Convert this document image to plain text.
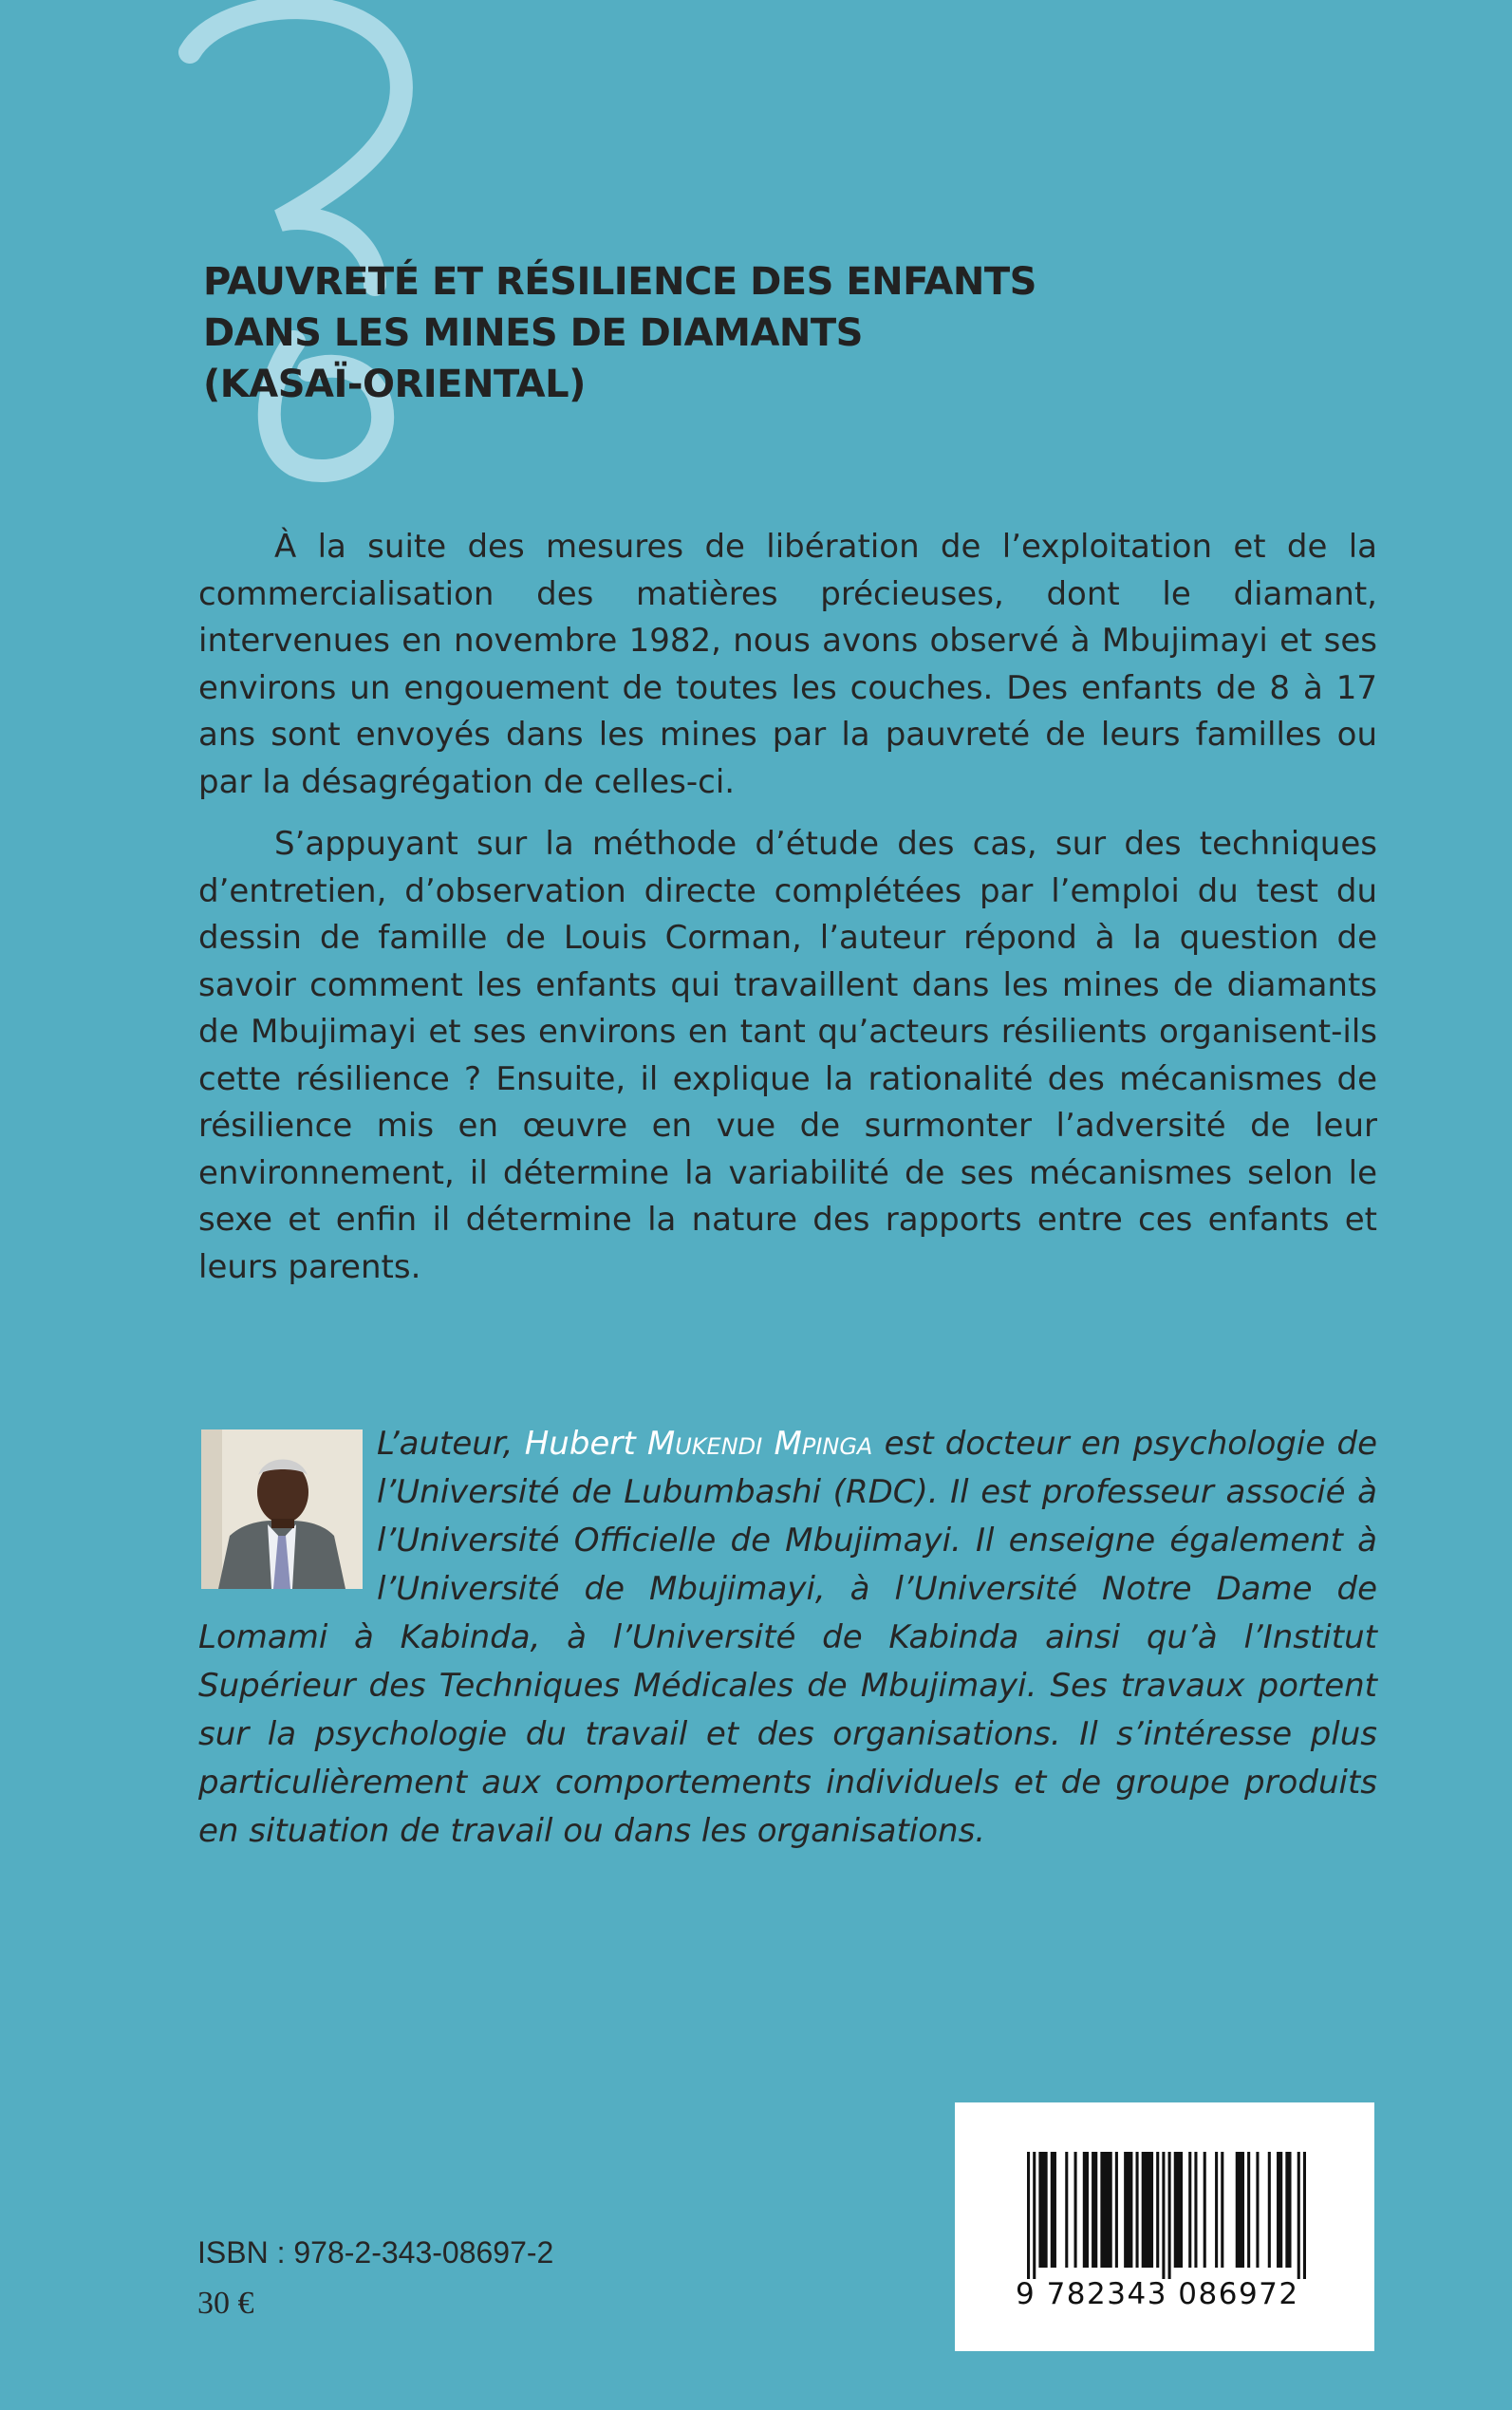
PAUVRETÉ ET RÉSILIENCE DES ENFANTS
DANS LES MINES DE DIAMANTS
(KASAÏ-ORIENTAL)

À la suite des mesures de libération de l’exploitation et de la commercialisation des matières précieuses, dont le diamant, intervenues en novembre 1982, nous avons observé à Mbujimayi et ses environs un engouement de toutes les couches. Des enfants de 8 à 17 ans sont envoyés dans les mines par la pauvreté de leurs familles ou par la désagrégation de celles-ci.

S’appuyant sur la méthode d’étude des cas, sur des techniques d’entretien, d’observation directe complétées par l’emploi du test du dessin de famille de Louis Corman, l’auteur répond à la question de savoir comment les enfants qui travaillent dans les mines de diamants de Mbujimayi et ses environs en tant qu’acteurs résilients organisent-ils cette résilience ? Ensuite, il explique la rationalité des mécanismes de résilience mis en œuvre en vue de surmonter l’adversité de leur environnement, il détermine la variabilité de ses mécanismes selon le sexe et enfin il détermine la nature des rapports entre ces enfants et leurs parents.

L’auteur, Hubert Mukendi Mpinga est docteur en psychologie de l’Université de Lubumbashi (RDC). Il est professeur associé à l’Université Officielle de Mbujimayi. Il enseigne également à l’Université de Mbujimayi, à l’Université Notre Dame de Lomami à Kabinda, à l’Université de Kabinda ainsi qu’à l’Institut Supérieur des Techniques Médicales de Mbujimayi. Ses travaux portent sur la psychologie du travail et des organisations. Il s’intéresse plus particulièrement aux comportements individuels et de groupe produits en situation de travail ou dans les organisations.
ISBN : 978-2-343-08697-2
30 €	9 782343 086972
